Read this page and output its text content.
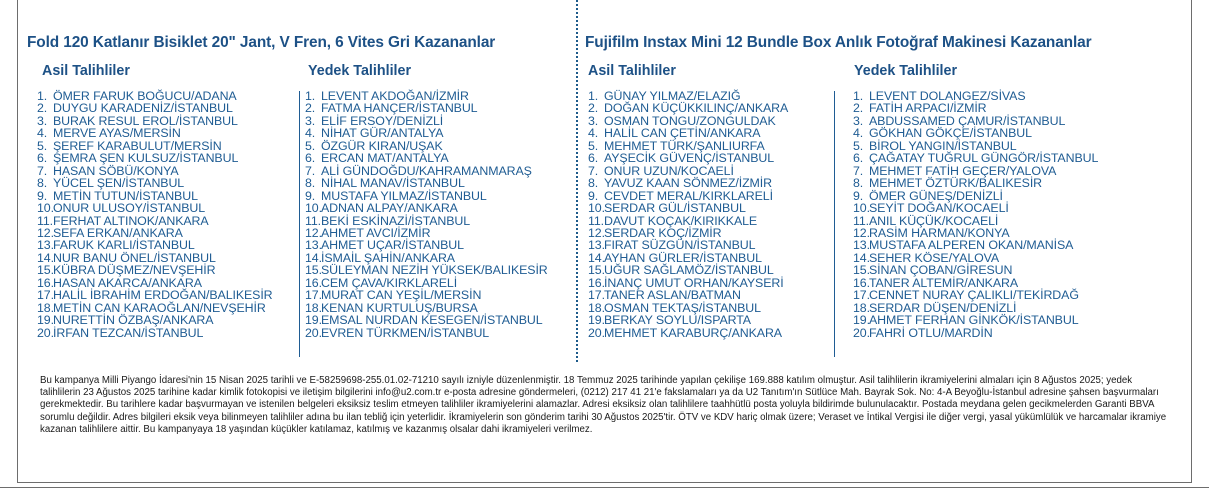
Fold 120 Katlanır Bisiklet 20" Jant, V Fren, 6 Vites Gri Kazananlar	Fujifilm Instax Mini 12 Bundle Box Anlık Fotoğraf Makinesi Kazananlar
Asil Talihliler	Yedek Talihliler	Asil Talihliler	Yedek Talihliler
1. ÖMER FARUK BOĞUCU/ADANA
2. DUYGU KARADENİZ/İSTANBUL
3. BURAK RESUL EROL/İSTANBUL
4. MERVE AYAS/MERSİN
5. ŞEREF KARABULUT/MERSİN
6. ŞEMRA ŞEN KULSUZ/İSTANBUL
7. HASAN SÖBÜ/KONYA
8. YÜCEL ŞEN/İSTANBUL
9. METİN TUTUN/İSTANBUL
10.ONUR ULUSOY/İSTANBUL
11.FERHAT ALTINOK/ANKARA
12.SEFA ERKAN/ANKARA
13.FARUK KARLI/İSTANBUL
14.NUR BANU ÖNEL/İSTANBUL
15.KÜBRA DÜŞMEZ/NEVŞEHİR
16.HASAN AKARCA/ANKARA
17.HALİL İBRAHİM ERDOĞAN/BALIKESİR
18.METİN CAN KARAOĞLAN/NEVŞEHİR
19.NURETTİN ÖZBAŞ/ANKARA
20.İRFAN TEZCAN/İSTANBUL
1. LEVENT AKDOĞAN/İZMİR
2. FATMA HANÇER/İSTANBUL
3. ELİF ERSOY/DENİZLİ
4. NİHAT GÜR/ANTALYA
5. ÖZGÜR KIRAN/UŞAK
6. ERCAN MAT/ANTALYA
7. ALİ GÜNDOĞDU/KAHRAMANMARAŞ
8. NİHAL MANAV/İSTANBUL
9. MUSTAFA YILMAZ/İSTANBUL
10.ADNAN ALPAY/ANKARA
11.BEKİ ESKİNAZİ/İSTANBUL
12.AHMET AVCI/İZMİR
13.AHMET UÇAR/İSTANBUL
14.İSMAİL ŞAHİN/ANKARA
15.SÜLEYMAN NEZİH YÜKSEK/BALIKESİR
16.CEM ÇAVA/KIRKLARELİ
17.MURAT CAN YEŞİL/MERSİN
18.KENAN KURTULUŞ/BURSA
19.EMSAL NURDAN KESEGEN/İSTANBUL
20.EVREN TÜRKMEN/İSTANBUL
1. GÜNAY YILMAZ/ELAZIĞ
2. DOĞAN KÜÇÜKKILINÇ/ANKARA
3. OSMAN TONGU/ZONGULDAK
4. HALİL CAN ÇETİN/ANKARA
5. MEHMET TÜRK/ŞANLIURFA
6. AYŞECİK GÜVENÇ/İSTANBUL
7. ONUR UZUN/KOCAELİ
8. YAVUZ KAAN SÖNMEZ/İZMİR
9. CEVDET MERAL/KIRKLARELİ
10.SERDAR GÜL/İSTANBUL
11.DAVUT KOÇAK/KIRIKKALE
12.SERDAR KOÇ/İZMİR
13.FIRAT SÜZGÜN/İSTANBUL
14.AYHAN GÜRLER/İSTANBUL
15.UĞUR SAĞLAMÖZ/İSTANBUL
16.İNANÇ UMUT ORHAN/KAYSERİ
17.TANER ASLAN/BATMAN
18.OSMAN TEKTAŞ/İSTANBUL
19.BERKAY SOYLU/ISPARTA
20.MEHMET KARABURÇ/ANKARA
1. LEVENT DOLANGEZ/SİVAS
2. FATİH ARPACI/İZMİR
3. ABDUSSAMED ÇAMUR/İSTANBUL
4. GÖKHAN GÖKÇE/İSTANBUL
5. BİROL YANGIN/İSTANBUL
6. ÇAĞATAY TUĞRUL GÜNGÖR/İSTANBUL
7. MEHMET FATİH GEÇER/YALOVA
8. MEHMET ÖZTÜRK/BALIKESİR
9. ÖMER GÜNEŞ/DENİZLİ
10.SEYİT DOĞAN/KOCAELİ
11.ANIL KÜÇÜK/KOCAELİ
12.RASİM HARMAN/KONYA
13.MUSTAFA ALPEREN OKAN/MANİSA
14.SEHER KÖSE/YALOVA
15.SİNAN ÇOBAN/GİRESUN
16.TANER ALTEMİR/ANKARA
17.CENNET NURAY ÇALIKLI/TEKİRDAĞ
18.SERDAR DÜŞEN/DENİZLİ
19.AHMET FERHAN GİNKÖK/İSTANBUL
20.FAHRİ OTLU/MARDİN
Bu kampanya Milli Piyango İdaresi'nin 15 Nisan 2025 tarihli ve E-58259698-255.01.02-71210 sayılı izniyle düzenlenmiştir. 18 Temmuz 2025 tarihinde yapılan çekilişe 169.888 katılım olmuştur. Asil talihlilerin ikramiyelerini almaları için 8 Ağustos 2025; yedek talihlilerin 23 Ağustos 2025 tarihine kadar kimlik fotokopisi ve iletişim bilgilerini info@u2.com.tr e-posta adresine göndermeleri, (0212) 217 41 21'e fakslamaları ya da U2 Tanıtım'ın Sütlüce Mah. Bayrak Sok. No: 4-A Beyoğlu-İstanbul adresine şahsen başvurmaları gerekmektedir. Bu tarihlere kadar başvurmayan ve istenilen belgeleri eksiksiz teslim etmeyen talihliler ikramiyelerini alamazlar. Adresi eksiksiz olan talihlilere taahhütlü posta yoluyla bildirimde bulunulacaktır. Postada meydana gelen gecikmelerden Garanti BBVA sorumlu değildir. Adres bilgileri eksik veya bilinmeyen talihliler adına bu ilan tebliğ için yeterlidir. İkramiyelerin son gönderim tarihi 30 Ağustos 2025'tir. ÖTV ve KDV hariç olmak üzere; Veraset ve İntikal Vergisi ile diğer vergi, yasal yükümlülük ve harcamalar ikramiye kazanan talihlilere aittir. Bu kampanyaya 18 yaşından küçükler katılamaz, katılmış ve kazanmış olsalar dahi ikramiyeleri verilmez.
